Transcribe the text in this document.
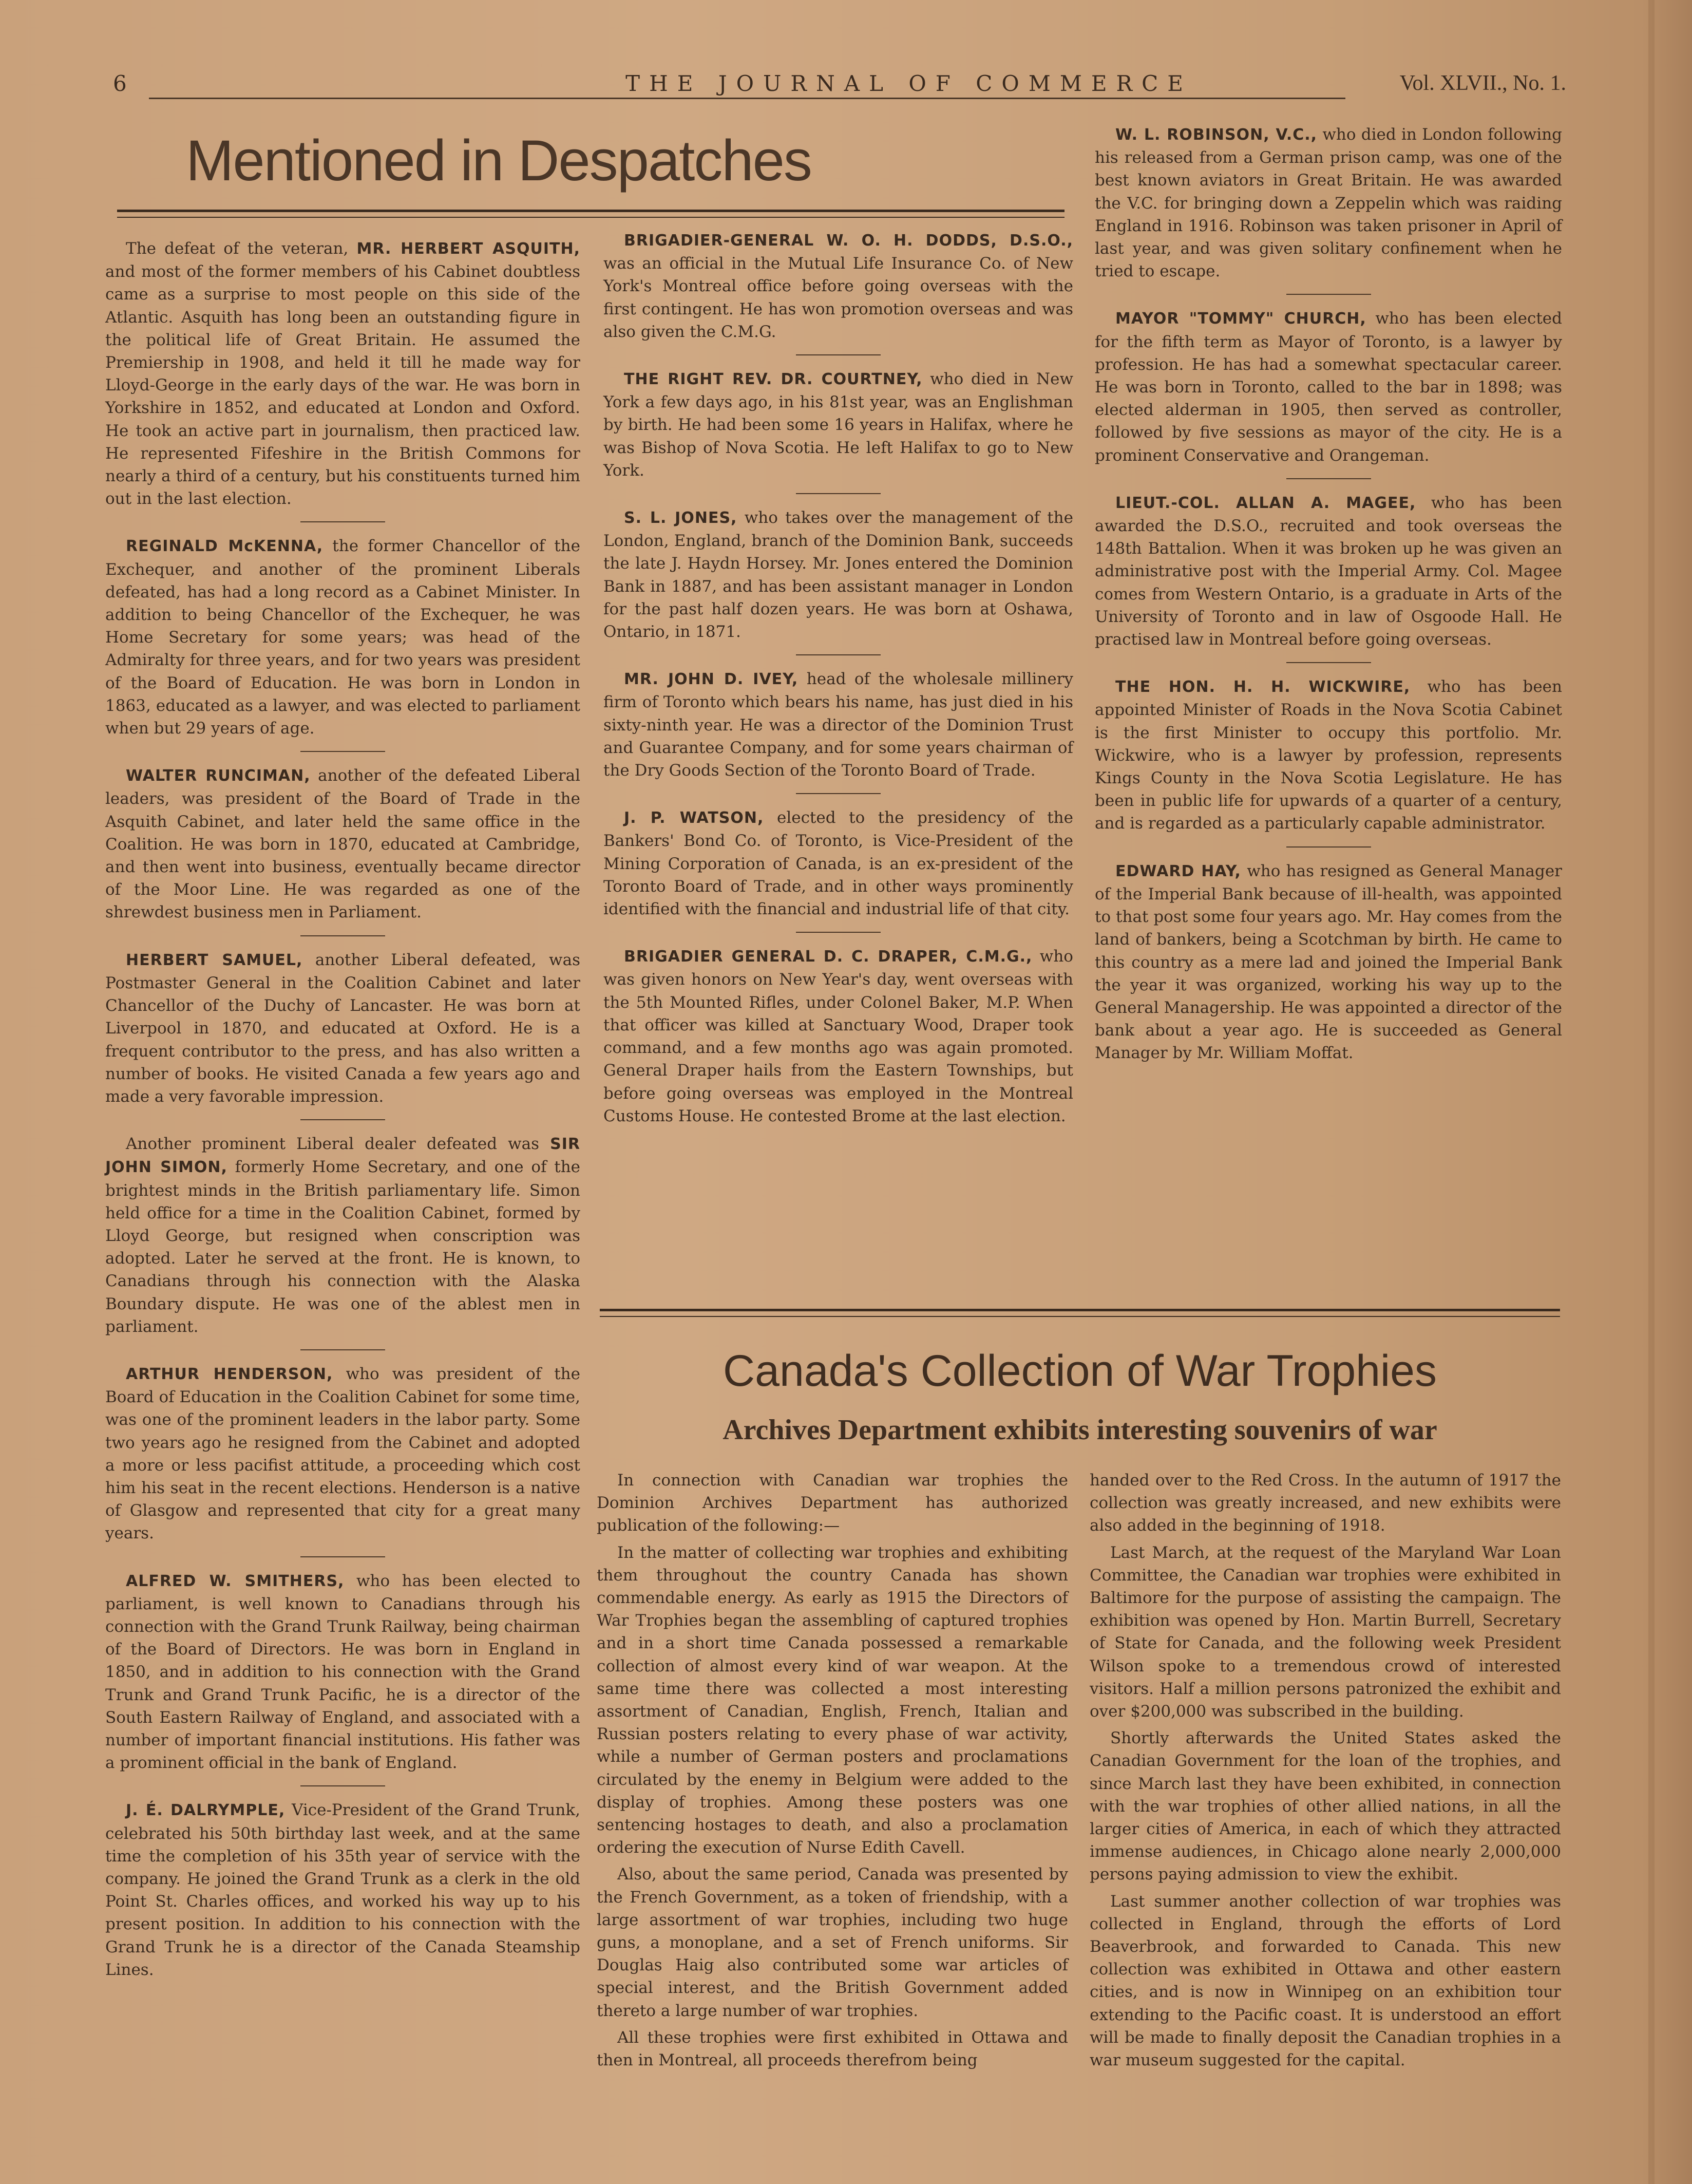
6	THE JOURNAL OF COMMERCE	Vol. XLVII., No. 1.
Mentioned in Despatches

The defeat of the veteran, MR. HERBERT ASQUITH, and most of the former members of his Cabinet doubtless came as a surprise to most people on this side of the Atlantic. Asquith has long been an outstanding figure in the political life of Great Britain. He assumed the Premiership in 1908, and held it till he made way for Lloyd-George in the early days of the war. He was born in Yorkshire in 1852, and educated at London and Oxford. He took an active part in journalism, then practiced law. He represented Fifeshire in the British Commons for nearly a third of a century, but his constituents turned him out in the last election.

REGINALD McKENNA, the former Chancellor of the Exchequer, and another of the prominent Liberals defeated, has had a long record as a Cabinet Minister. In addition to being Chancellor of the Exchequer, he was Home Secretary for some years; was head of the Admiralty for three years, and for two years was president of the Board of Education. He was born in London in 1863, educated as a lawyer, and was elected to parliament when but 29 years of age.

WALTER RUNCIMAN, another of the defeated Liberal leaders, was president of the Board of Trade in the Asquith Cabinet, and later held the same office in the Coalition. He was born in 1870, educated at Cambridge, and then went into business, eventually became director of the Moor Line. He was regarded as one of the shrewdest business men in Parliament.

HERBERT SAMUEL, another Liberal defeated, was Postmaster General in the Coalition Cabinet and later Chancellor of the Duchy of Lancaster. He was born at Liverpool in 1870, and educated at Oxford. He is a frequent contributor to the press, and has also written a number of books. He visited Canada a few years ago and made a very favorable impression.

Another prominent Liberal dealer defeated was SIR JOHN SIMON, formerly Home Secretary, and one of the brightest minds in the British parliamentary life. Simon held office for a time in the Coalition Cabinet, formed by Lloyd George, but resigned when conscription was adopted. Later he served at the front. He is known, to Canadians through his connection with the Alaska Boundary dispute. He was one of the ablest men in parliament.

ARTHUR HENDERSON, who was president of the Board of Education in the Coalition Cabinet for some time, was one of the prominent leaders in the labor party. Some two years ago he resigned from the Cabinet and adopted a more or less pacifist attitude, a proceeding which cost him his seat in the recent elections. Henderson is a native of Glasgow and represented that city for a great many years.

ALFRED W. SMITHERS, who has been elected to parliament, is well known to Canadians through his connection with the Grand Trunk Railway, being chairman of the Board of Directors. He was born in England in 1850, and in addition to his connection with the Grand Trunk and Grand Trunk Pacific, he is a director of the South Eastern Railway of England, and associated with a number of important financial institutions. His father was a prominent official in the bank of England.

J. É. DALRYMPLE, Vice-President of the Grand Trunk, celebrated his 50th birthday last week, and at the same time the completion of his 35th year of service with the company. He joined the Grand Trunk as a clerk in the old Point St. Charles offices, and worked his way up to his present position. In addition to his connection with the Grand Trunk he is a director of the Canada Steamship Lines.

BRIGADIER-GENERAL W. O. H. DODDS, D.S.O., was an official in the Mutual Life Insurance Co. of New York's Montreal office before going overseas with the first contingent. He has won promotion overseas and was also given the C.M.G.

THE RIGHT REV. DR. COURTNEY, who died in New York a few days ago, in his 81st year, was an Englishman by birth. He had been some 16 years in Halifax, where he was Bishop of Nova Scotia. He left Halifax to go to New York.

S. L. JONES, who takes over the management of the London, England, branch of the Dominion Bank, succeeds the late J. Haydn Horsey. Mr. Jones entered the Dominion Bank in 1887, and has been assistant manager in London for the past half dozen years. He was born at Oshawa, Ontario, in 1871.

MR. JOHN D. IVEY, head of the wholesale millinery firm of Toronto which bears his name, has just died in his sixty-ninth year. He was a director of the Dominion Trust and Guarantee Company, and for some years chairman of the Dry Goods Section of the Toronto Board of Trade.

J. P. WATSON, elected to the presidency of the Bankers' Bond Co. of Toronto, is Vice-President of the Mining Corporation of Canada, is an ex-president of the Toronto Board of Trade, and in other ways prominently identified with the financial and industrial life of that city.

BRIGADIER GENERAL D. C. DRAPER, C.M.G., who was given honors on New Year's day, went overseas with the 5th Mounted Rifles, under Colonel Baker, M.P. When that officer was killed at Sanctuary Wood, Draper took command, and a few months ago was again promoted. General Draper hails from the Eastern Townships, but before going overseas was employed in the Montreal Customs House. He contested Brome at the last election.

W. L. ROBINSON, V.C., who died in London following his released from a German prison camp, was one of the best known aviators in Great Britain. He was awarded the V.C. for bringing down a Zeppelin which was raiding England in 1916. Robinson was taken prisoner in April of last year, and was given solitary confinement when he tried to escape.

MAYOR "TOMMY" CHURCH, who has been elected for the fifth term as Mayor of Toronto, is a lawyer by profession. He has had a somewhat spectacular career. He was born in Toronto, called to the bar in 1898; was elected alderman in 1905, then served as controller, followed by five sessions as mayor of the city. He is a prominent Conservative and Orangeman.

LIEUT.-COL. ALLAN A. MAGEE, who has been awarded the D.S.O., recruited and took overseas the 148th Battalion. When it was broken up he was given an administrative post with the Imperial Army. Col. Magee comes from Western Ontario, is a graduate in Arts of the University of Toronto and in law of Osgoode Hall. He practised law in Montreal before going overseas.

THE HON. H. H. WICKWIRE, who has been appointed Minister of Roads in the Nova Scotia Cabinet is the first Minister to occupy this portfolio. Mr. Wickwire, who is a lawyer by profession, represents Kings County in the Nova Scotia Legislature. He has been in public life for upwards of a quarter of a century, and is regarded as a particularly capable administrator.

EDWARD HAY, who has resigned as General Manager of the Imperial Bank because of ill-health, was appointed to that post some four years ago. Mr. Hay comes from the land of bankers, being a Scotchman by birth. He came to this country as a mere lad and joined the Imperial Bank the year it was organized, working his way up to the General Managership. He was appointed a director of the bank about a year ago. He is succeeded as General Manager by Mr. William Moffat.

Canada's Collection of War Trophies
Archives Department exhibits interesting souvenirs of war

In connection with Canadian war trophies the Dominion Archives Department has authorized publication of the following:—

In the matter of collecting war trophies and exhibiting them throughout the country Canada has shown commendable energy. As early as 1915 the Directors of War Trophies began the assembling of captured trophies and in a short time Canada possessed a remarkable collection of almost every kind of war weapon. At the same time there was collected a most interesting assortment of Canadian, English, French, Italian and Russian posters relating to every phase of war activity, while a number of German posters and proclamations circulated by the enemy in Belgium were added to the display of trophies. Among these posters was one sentencing hostages to death, and also a proclamation ordering the execution of Nurse Edith Cavell.

Also, about the same period, Canada was presented by the French Government, as a token of friendship, with a large assortment of war trophies, including two huge guns, a monoplane, and a set of French uniforms. Sir Douglas Haig also contributed some war articles of special interest, and the British Government added thereto a large number of war trophies.

All these trophies were first exhibited in Ottawa and then in Montreal, all proceeds therefrom being

handed over to the Red Cross. In the autumn of 1917 the collection was greatly increased, and new exhibits were also added in the beginning of 1918.

Last March, at the request of the Maryland War Loan Committee, the Canadian war trophies were exhibited in Baltimore for the purpose of assisting the campaign. The exhibition was opened by Hon. Martin Burrell, Secretary of State for Canada, and the following week President Wilson spoke to a tremendous crowd of interested visitors. Half a million persons patronized the exhibit and over $200,000 was subscribed in the building.

Shortly afterwards the United States asked the Canadian Government for the loan of the trophies, and since March last they have been exhibited, in connection with the war trophies of other allied nations, in all the larger cities of America, in each of which they attracted immense audiences, in Chicago alone nearly 2,000,000 persons paying admission to view the exhibit.

Last summer another collection of war trophies was collected in England, through the efforts of Lord Beaverbrook, and forwarded to Canada. This new collection was exhibited in Ottawa and other eastern cities, and is now in Winnipeg on an exhibition tour extending to the Pacific coast. It is understood an effort will be made to finally deposit the Canadian trophies in a war museum suggested for the capital.
